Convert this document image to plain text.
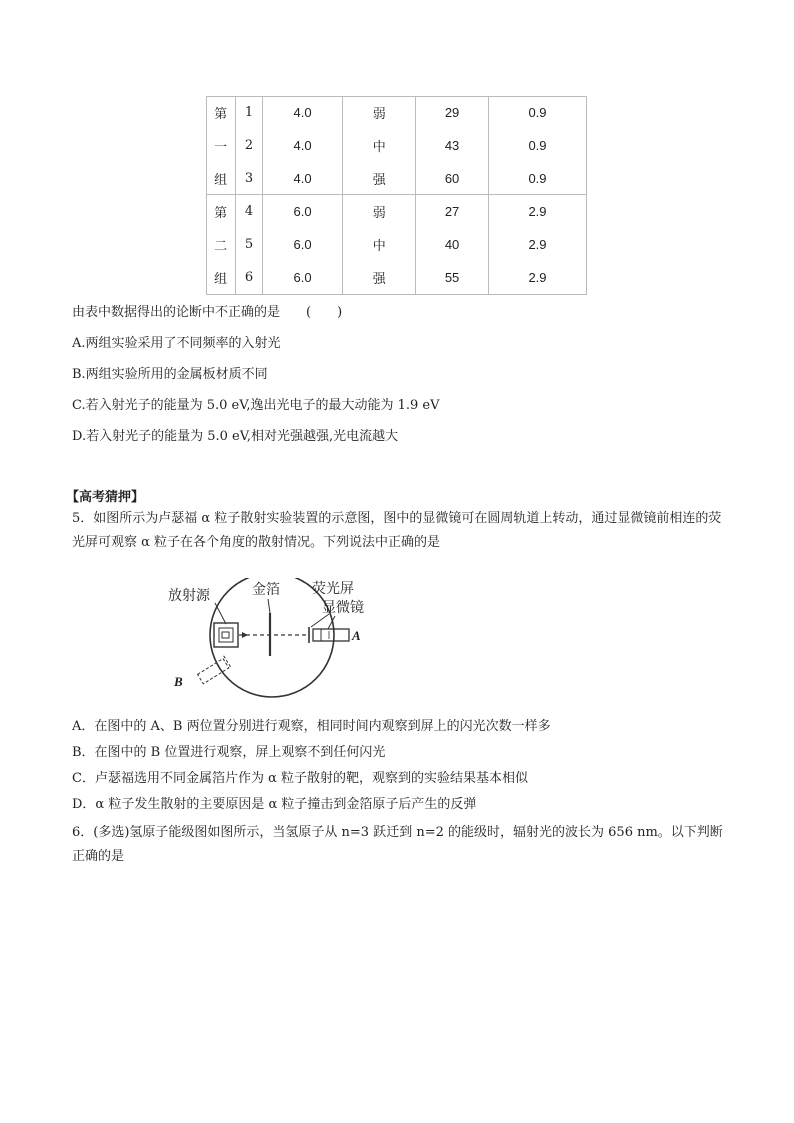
第	1	4.0	弱	29	0.9
一	2	4.0	中	43	0.9
组	3	4.0	强	60	0.9
第	4	6.0	弱	27	2.9
二	5	6.0	中	40	2.9
组	6	6.0	强	55	2.9
由表中数据得出的论断中不正确的是　　(　　)
A.两组实验采用了不同频率的入射光
B.两组实验所用的金属板材质不同
C.若入射光子的能量为 5.0 eV,逸出光电子的最大动能为 1.9 eV
D.若入射光子的能量为 5.0 eV,相对光强越强,光电流越大
【高考猜押】
5．如图所示为卢瑟福 α 粒子散射实验装置的示意图，图中的显微镜可在圆周轨道上转动，通过显微镜前相连的荧光屏可观察 α 粒子在各个角度的散射情况。下列说法中正确的是
放射源	金箔 荧光屏
显微镜
A
B
A．在图中的 A、B 两位置分别进行观察，相同时间内观察到屏上的闪光次数一样多
B．在图中的 B 位置进行观察，屏上观察不到任何闪光
C．卢瑟福选用不同金属箔片作为 α 粒子散射的靶，观察到的实验结果基本相似
D．α 粒子发生散射的主要原因是 α 粒子撞击到金箔原子后产生的反弹
6．(多选)氢原子能级图如图所示，当氢原子从 n=3 跃迁到 n=2 的能级时，辐射光的波长为 656 nm。以下判断正确的是
